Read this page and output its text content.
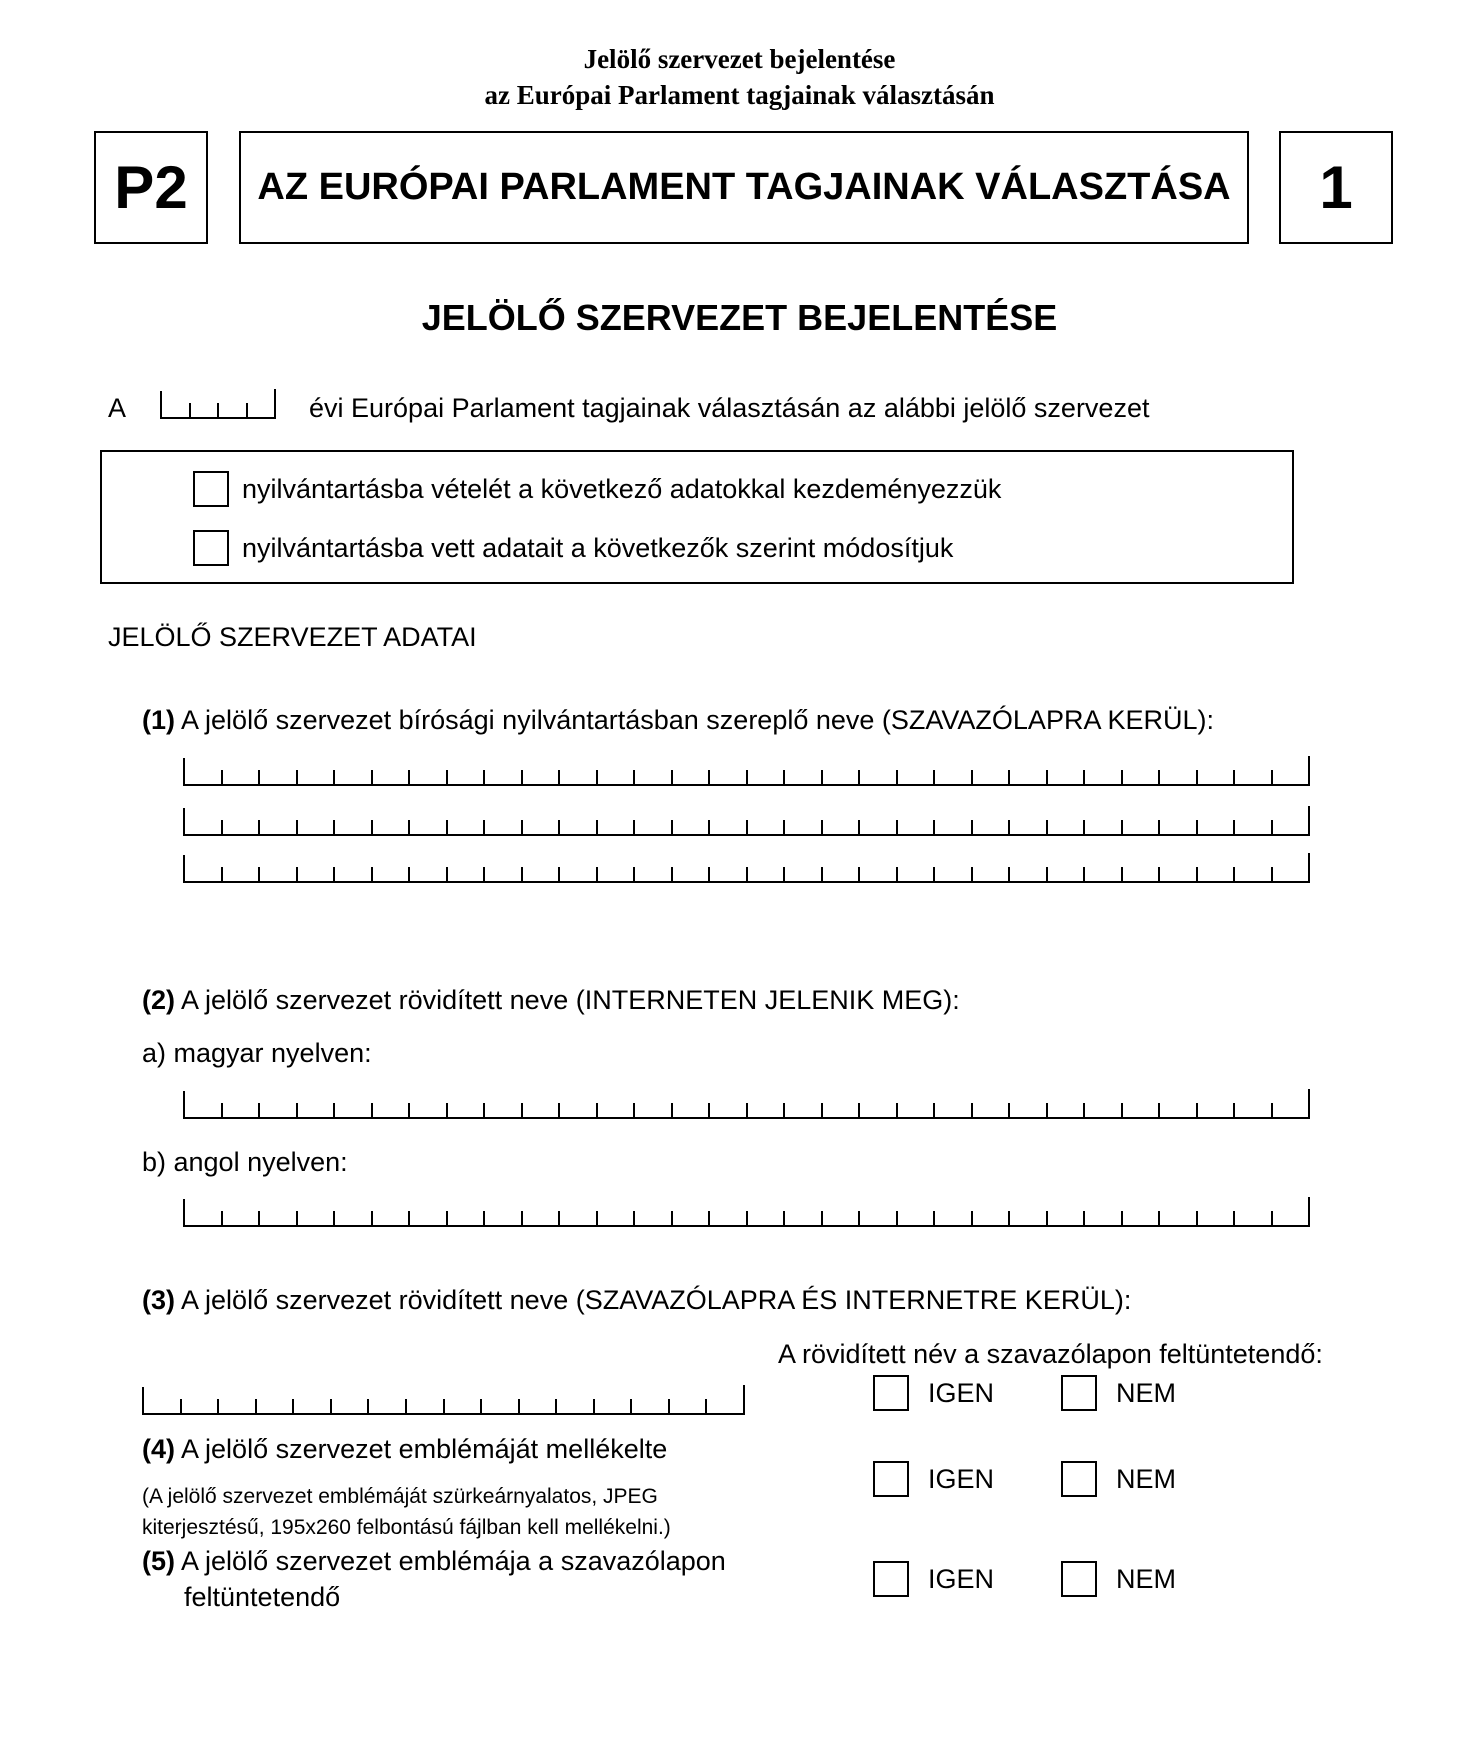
Jelölő szervezet bejelentése
az Európai Parlament tagjainak választásán
P2	AZ EURÓPAI PARLAMENT TAGJAINAK VÁLASZTÁSA	1
JELÖLŐ SZERVEZET BEJELENTÉSE
A	évi Európai Parlament tagjainak választásán az alábbi jelölő szervezet
nyilvántartásba vételét a következő adatokkal kezdeményezzük
nyilvántartásba vett adatait a következők szerint módosítjuk
JELÖLŐ SZERVEZET ADATAI
(1) A jelölő szervezet bírósági nyilvántartásban szereplő neve (SZAVAZÓLAPRA KERÜL):
(2) A jelölő szervezet rövidített neve (INTERNETEN JELENIK MEG):
a) magyar nyelven:
b) angol nyelven:
(3) A jelölő szervezet rövidített neve (SZAVAZÓLAPRA ÉS INTERNETRE KERÜL):
A rövidített név a szavazólapon feltüntetendő:
IGEN	NEM
(4) A jelölő szervezet emblémáját mellékelte
(A jelölő szervezet emblémáját szürkeárnyalatos, JPEG
kiterjesztésű, 195x260 felbontású fájlban kell mellékelni.)
IGEN	NEM
(5) A jelölő szervezet emblémája a szavazólapon
feltüntetendő
IGEN	NEM
